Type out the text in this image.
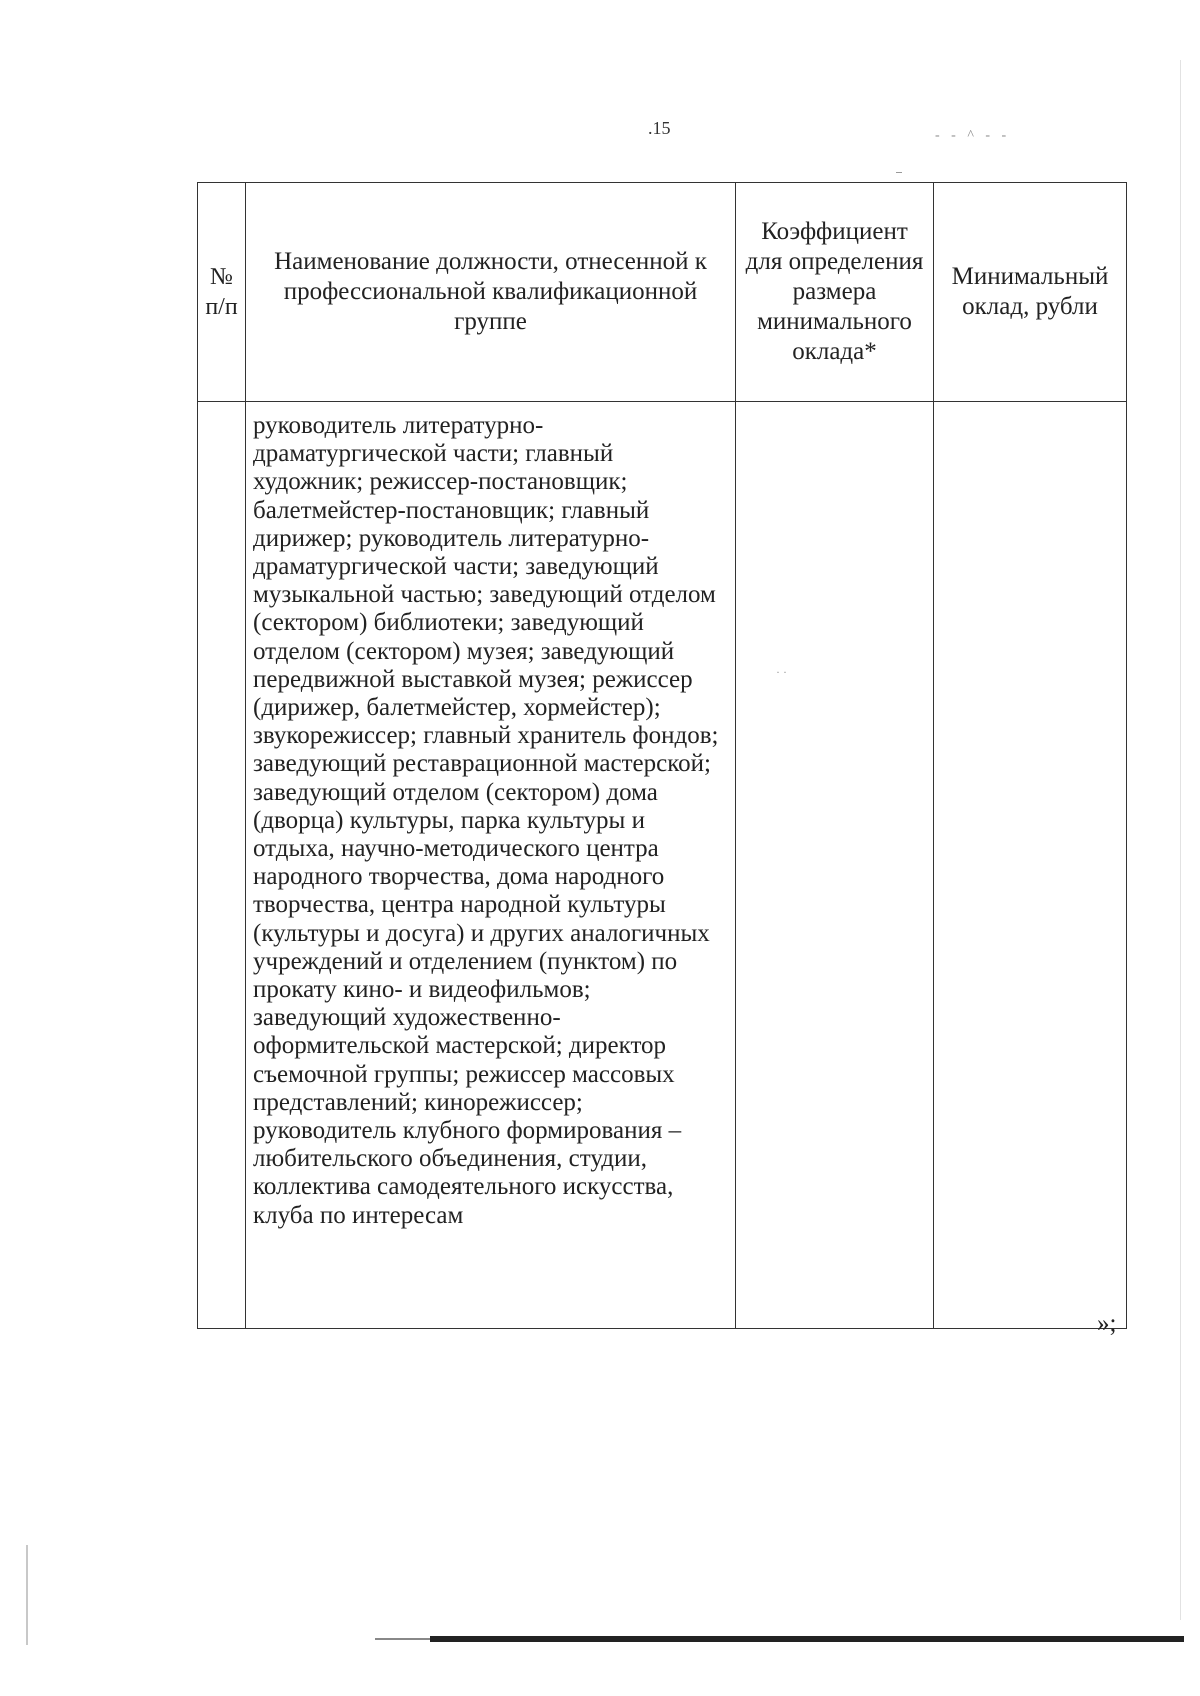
.15	- - ^ - -
№ п/п	Наименование должности, отнесенной к профессиональной квалификационной группе	Коэффициент для определения размера минимального оклада*	Минимальный оклад, рубли
	руководитель литературно-драматургической части; главный художник; режиссер-постановщик; балетмейстер-постановщик; главный дирижер; руководитель литературно-драматургической части; заведующий музыкальной частью; заведующий отделом (сектором) библиотеки; заведующий отделом (сектором) музея; заведующий передвижной выставкой музея; режиссер (дирижер, балетмейстер, хормейстер); звукорежиссер; главный хранитель фондов; заведующий реставрационной мастерской; заведующий отделом (сектором) дома (дворца) культуры, парка культуры и отдыха, научно-методического центра народного творчества, дома народного творчества, центра народной культуры (культуры и досуга) и других аналогичных учреждений и отделением (пунктом) по прокату кино- и видеофильмов; заведующий художественно-оформительской мастерской; директор съемочной группы; режиссер массовых представлений; кинорежиссер; руководитель клубного формирования – любительского объединения, студии, коллектива самодеятельного искусства, клуба по интересам	· ·	

»;
